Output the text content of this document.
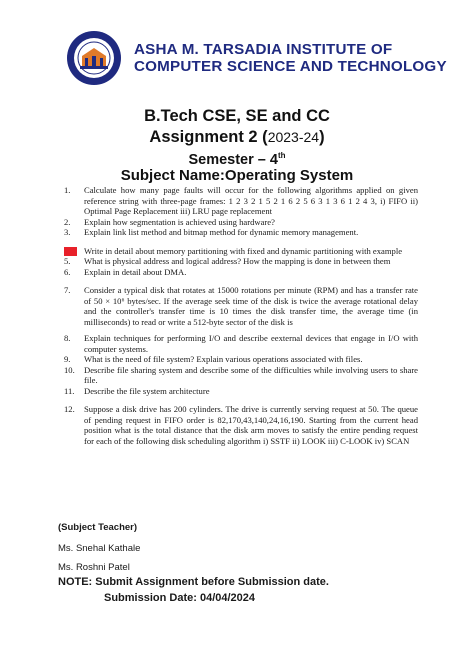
ASHA M. TARSADIA INSTITUTE OF
COMPUTER SCIENCE AND TECHNOLOGY
B.Tech CSE, SE and CC
Assignment 2 (2023-24)
Semester – 4th
Subject Name:Operating System
1.	Calculate how many page faults will occur for the following algorithms applied on given reference string with three-page frames: 1 2 3 2 1 5 2 1 6 2 5 6 3 1 3 6 1 2 4 3, i) FIFO ii) Optimal Page Replacement iii) LRU page replacement
2.	Explain how segmentation is achieved using hardware?
3.	Explain link list method and bitmap method for dynamic memory management.
4.	Write in detail about memory partitioning with fixed and dynamic partitioning with example
5.	What is physical address and logical address? How the mapping is done in between them
6.	Explain in detail about DMA.
7.	Consider a typical disk that rotates at 15000 rotations per minute (RPM) and has a transfer rate of 50 × 10⁶ bytes/sec. If the average seek time of the disk is twice the average rotational delay and the controller's transfer time is 10 times the disk transfer time, the average time (in milliseconds) to read or write a 512-byte sector of the disk is
8.	Explain techniques for performing I/O and describe eexternal devices that engage in I/O with computer systems.
9.	What is the need of file system? Explain various operations associated with files.
10.	Describe file sharing system and describe some of the difficulties while involving users to share file.
11.	Describe the file system architecture
12.	Suppose a disk drive has 200 cylinders. The drive is currently serving request at 50. The queue of pending request in FIFO order is 82,170,43,140,24,16,190. Starting from the current head position what is the total distance that the disk arm moves to satisfy the entire pending request for each of the following disk scheduling algorithm i) SSTF ii) LOOK iii) C-LOOK iv) SCAN
(Subject Teacher)
Ms. Snehal Kathale
Ms. Roshni Patel
NOTE: Submit Assignment before Submission date.
Submission Date: 04/04/2024
